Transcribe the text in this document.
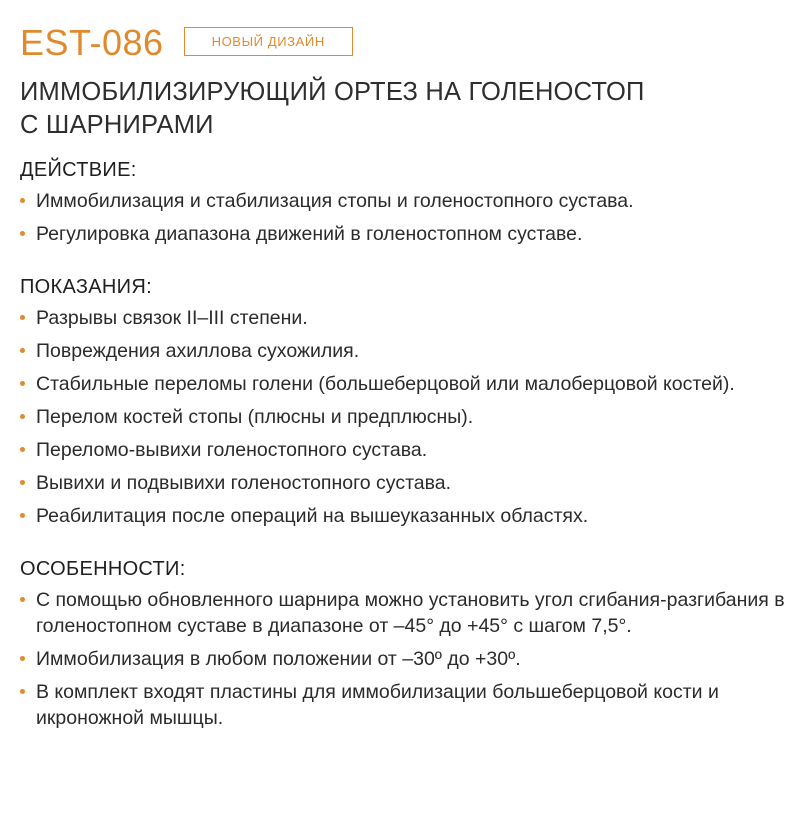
EST-086	НОВЫЙ ДИЗАЙН
ИММОБИЛИЗИРУЮЩИЙ ОРТЕЗ НА ГОЛЕНОСТОП
С ШАРНИРАМИ
ДЕЙСТВИЕ:
Иммобилизация и стабилизация стопы и голеностопного сустава.
Регулировка диапазона движений в голеностопном суставе.
ПОКАЗАНИЯ:
Разрывы связок II–III степени.
Повреждения ахиллова сухожилия.
Стабильные переломы голени (большеберцовой или малоберцовой костей).
Перелом костей стопы (плюсны и предплюсны).
Переломо-вывихи голеностопного сустава.
Вывихи и подвывихи голеностопного сустава.
Реабилитация после операций на вышеуказанных областях.
ОСОБЕННОСТИ:
С помощью обновленного шарнира можно установить угол сгибания-разгибания в голеностопном суставе в диапазоне от –45° до +45° с шагом 7,5°.
Иммобилизация в любом положении от –30º до +30º.
В комплект входят пластины для иммобилизации большеберцовой кости и икроножной мышцы.
